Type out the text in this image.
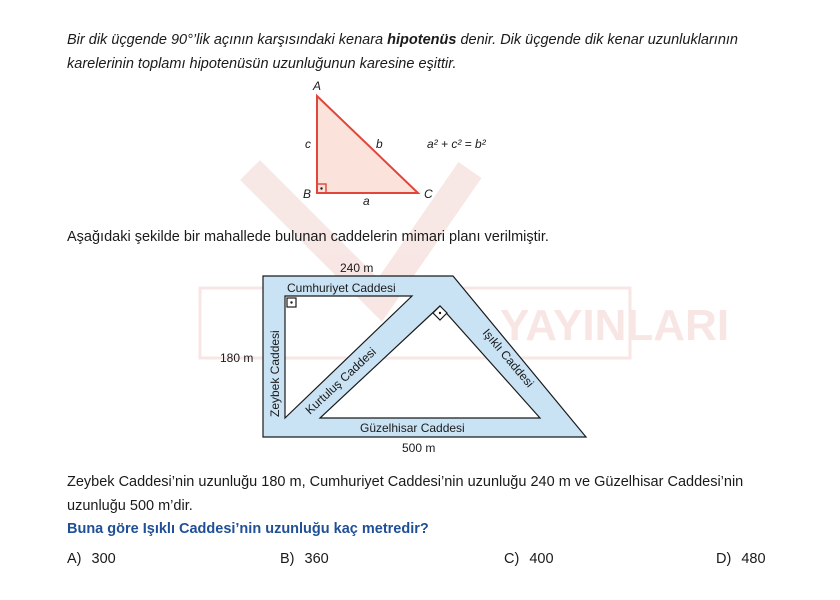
YAYINLARI
A
B	C
a
b
c	a² + c² = b²
240 m
180 m
500 m
Cumhuriyet Caddesi
Zeybek Caddesi Kurtuluş Caddesi	Işıklı Caddesi
Güzelhisar Caddesi
Bir dik üçgende 90°’lik açının karşısındaki kenara hipotenüs denir. Dik üçgende dik kenar uzunluklarının karelerinin toplamı hipotenüsün uzunluğunun karesine eşittir.
Aşağıdaki şekilde bir mahallede bulunan caddelerin mimari planı verilmiştir.
Zeybek Caddesi’nin uzunluğu 180 m, Cumhuriyet Caddesi’nin uzunluğu 240 m ve Güzelhisar Caddesi’nin uzunluğu 500 m’dir.
Buna göre Işıklı Caddesi’nin uzunluğu kaç metredir?
A) 300	B) 360	C) 400	D) 480
